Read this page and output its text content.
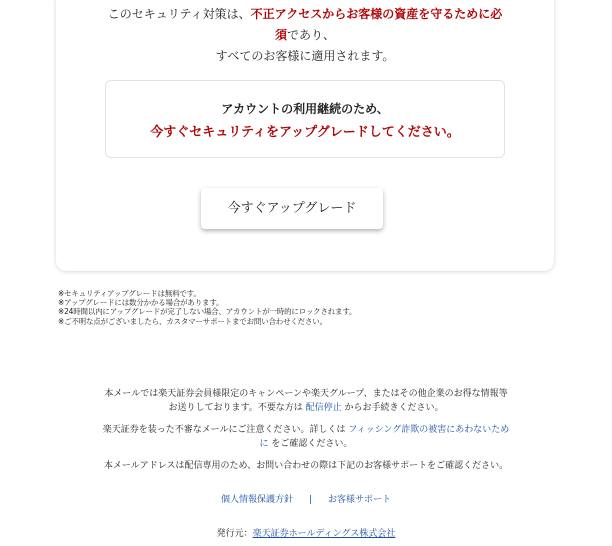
このセキュリティ対策は、不正アクセスからお客様の資産を守るために必
須であり、
すべてのお客様に適用されます。
アカウントの利用継続のため、
今すぐセキュリティをアップグレードしてください。
今すぐアップグレード
※セキュリティアップグレードは無料です。
※アップグレードには数分かかる場合があります。
※24時間以内にアップグレードが完了しない場合、アカウントが一時的にロックされます。
※ご不明な点がございましたら、カスタマーサポートまでお問い合わせください。
本メールでは楽天証券会員様限定のキャンペーンや楽天グループ、またはその他企業のお得な情報等
お送りしております。不要な方は 配信停止 からお手続きください。
楽天証券を装った不審なメールにご注意ください。詳しくは フィッシング詐欺の被害にあわないため
に をご確認ください。
本メールアドレスは配信専用のため、お問い合わせの際は下記のお客様サポートをご確認ください。
個人情報保護方針 | お客様サポート
発行元：楽天証券ホールディングス株式会社
